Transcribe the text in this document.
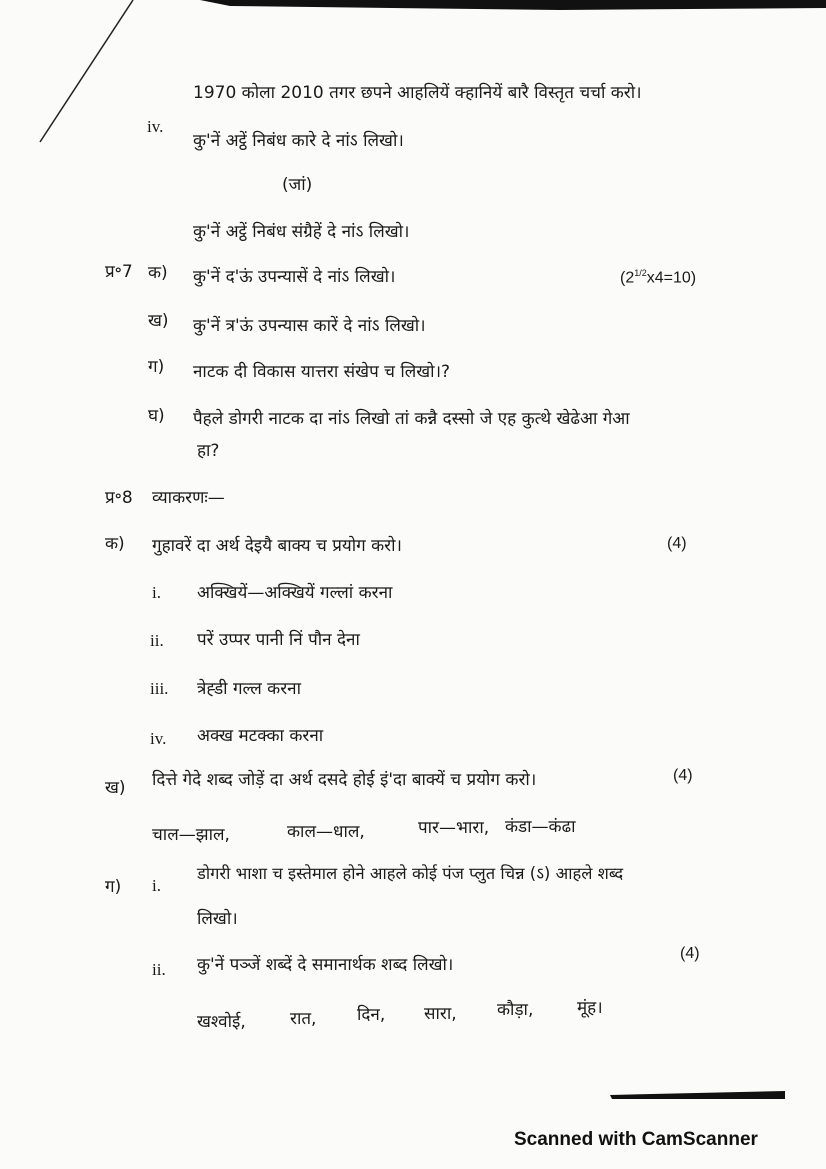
1970 कोला 2010 तगर छपने आहलियें क्हानियें बारै विस्तृत चर्चा करो।
iv.
कु'नें अट्ठें निबंध कारे दे नांऽ लिखो।
(जां)
कु'नें अट्ठें निबंध संग्रैहें दे नांऽ लिखो।
प्र॰7	$(2^{1/2}x4=10)$
क) कु'नें द'ऊं उपन्यासें दे नांऽ लिखो।
ख) कु'नें त्र'ऊं उपन्यास कारें दे नांऽ लिखो।
ग) नाटक दी विकास यात्तरा संखेप च लिखो।?
घ) पैहले डोगरी नाटक दा नांऽ लिखो तां कन्नै दस्सो जे एह कुत्थे खेढेआ गेआ
हा?
प्र॰8 व्याकरणः—
क) गुहावरें दा अर्थ देइयै बाक्य च प्रयोग करो।	(4)
i. अक्खियें—अक्खियें गल्लां करना
ii. परें उप्पर पानी निं पौन देना
iii. त्रेह्डी गल्ल करना
iv. अक्ख मटक्का करना
ख) दित्ते गेदे शब्द जोड़ें दा अर्थ दसदे होई इं'दा बाक्यें च प्रयोग करो।	(4)
चाल—झाल,	काल—धाल,	पार—भारा, कंडा—कंढा
ग) i.
डोगरी भाशा च इस्तेमाल होने आहले कोई पंज प्लुत चिन्न (ऽ) आहले शब्द
लिखो।
ii. कु'नें पञ्जें शब्दें दे समानार्थक शब्द लिखो।
(4)
खश्वोई,	रात, दिन, सारा, कौड़ा,	मूंह।
Scanned with CamScanner
